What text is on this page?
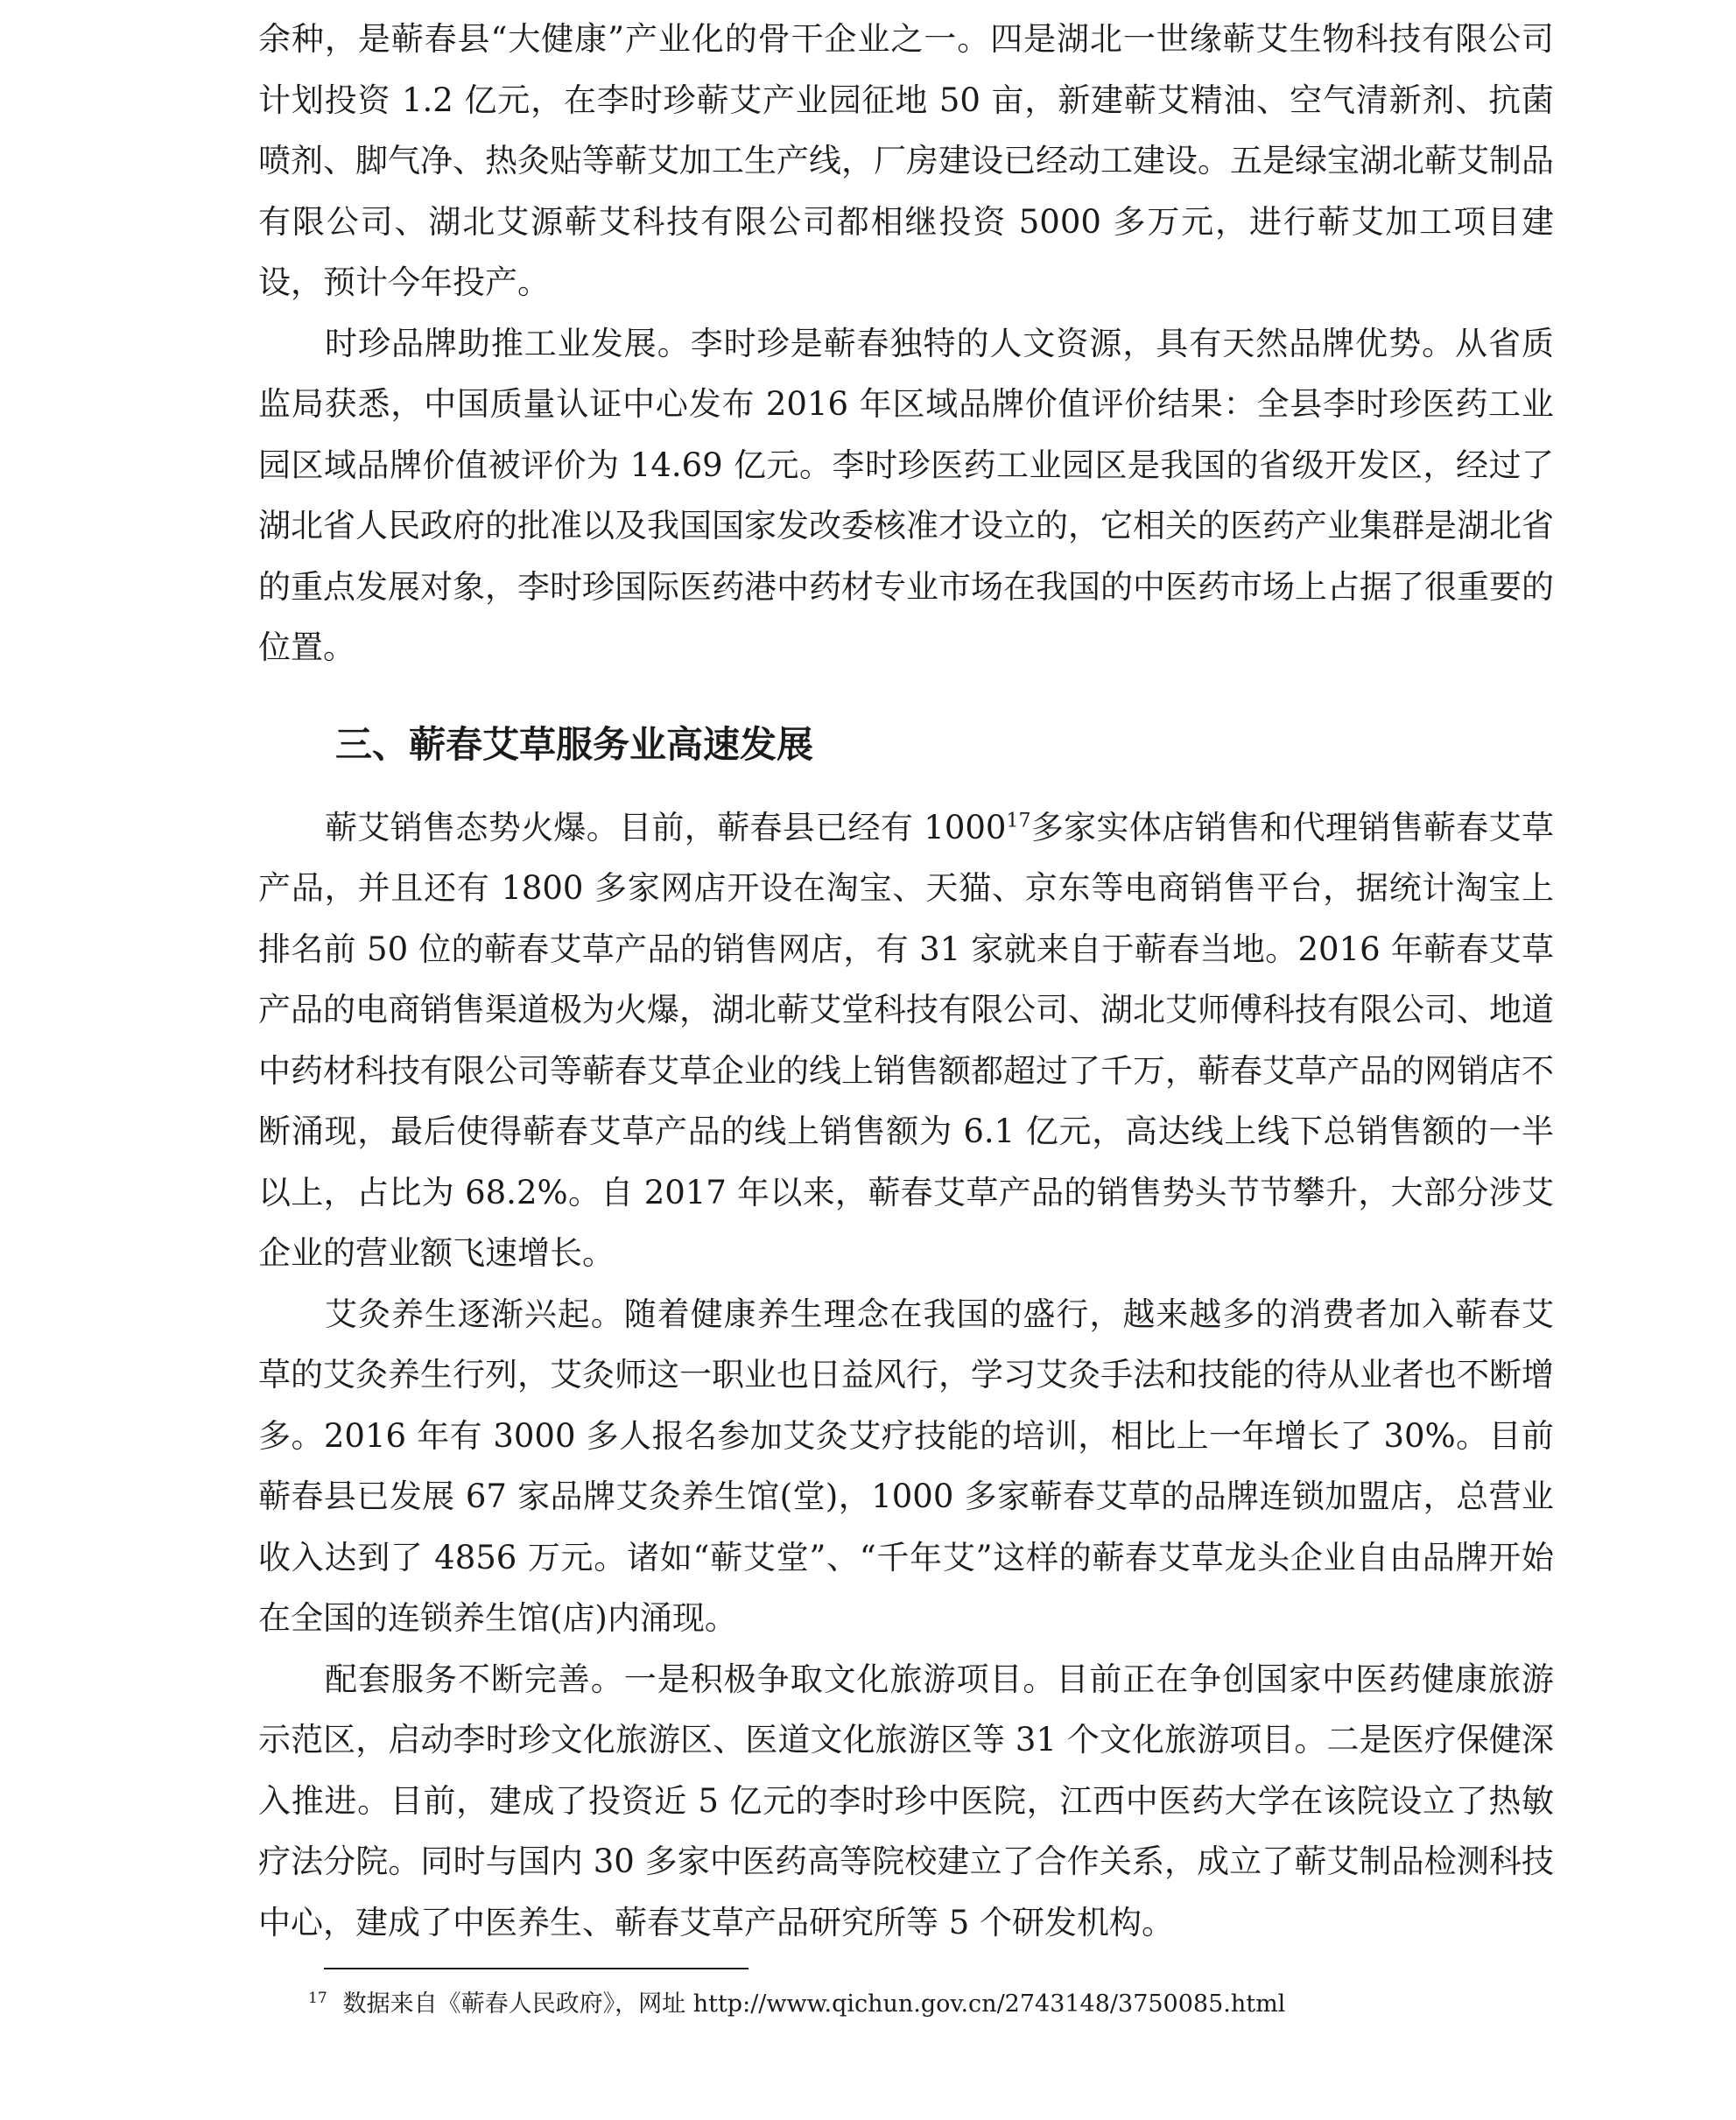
余种，是蕲春县“大健康”产业化的骨干企业之一。四是湖北一世缘蕲艾生物科技有限公司计划投资 1.2 亿元，在李时珍蕲艾产业园征地 50 亩，新建蕲艾精油、空气清新剂、抗菌喷剂、脚气净、热灸贴等蕲艾加工生产线，厂房建设已经动工建设。五是绿宝湖北蕲艾制品有限公司、湖北艾源蕲艾科技有限公司都相继投资 5000 多万元，进行蕲艾加工项目建设，预计今年投产。

时珍品牌助推工业发展。李时珍是蕲春独特的人文资源，具有天然品牌优势。从省质监局获悉，中国质量认证中心发布 2016 年区域品牌价值评价结果：全县李时珍医药工业园区域品牌价值被评价为 14.69 亿元。李时珍医药工业园区是我国的省级开发区，经过了湖北省人民政府的批准以及我国国家发改委核准才设立的，它相关的医药产业集群是湖北省的重点发展对象，李时珍国际医药港中药材专业市场在我国的中医药市场上占据了很重要的位置。

三、蕲春艾草服务业高速发展

蕲艾销售态势火爆。目前，蕲春县已经有 1000$^{17}$多家实体店销售和代理销售蕲春艾草产品，并且还有 1800 多家网店开设在淘宝、天猫、京东等电商销售平台，据统计淘宝上排名前 50 位的蕲春艾草产品的销售网店，有 31 家就来自于蕲春当地。2016 年蕲春艾草产品的电商销售渠道极为火爆，湖北蕲艾堂科技有限公司、湖北艾师傅科技有限公司、地道中药材科技有限公司等蕲春艾草企业的线上销售额都超过了千万，蕲春艾草产品的网销店不断涌现，最后使得蕲春艾草产品的线上销售额为 6.1 亿元，高达线上线下总销售额的一半以上，占比为 68.2%。自 2017 年以来，蕲春艾草产品的销售势头节节攀升，大部分涉艾企业的营业额飞速增长。

艾灸养生逐渐兴起。随着健康养生理念在我国的盛行，越来越多的消费者加入蕲春艾草的艾灸养生行列，艾灸师这一职业也日益风行，学习艾灸手法和技能的待从业者也不断增多。2016 年有 3000 多人报名参加艾灸艾疗技能的培训，相比上一年增长了 30%。目前蕲春县已发展 67 家品牌艾灸养生馆(堂)，1000 多家蕲春艾草的品牌连锁加盟店，总营业收入达到了 4856 万元。诸如“蕲艾堂”、“千年艾”这样的蕲春艾草龙头企业自由品牌开始在全国的连锁养生馆(店)内涌现。

配套服务不断完善。一是积极争取文化旅游项目。目前正在争创国家中医药健康旅游示范区，启动李时珍文化旅游区、医道文化旅游区等 31 个文化旅游项目。二是医疗保健深入推进。目前，建成了投资近 5 亿元的李时珍中医院，江西中医药大学在该院设立了热敏疗法分院。同时与国内 30 多家中医药高等院校建立了合作关系，成立了蕲艾制品检测科技中心，建成了中医养生、蕲春艾草产品研究所等 5 个研发机构。

$^{17}$ 数据来自《蕲春人民政府》，网址 http://www.qichun.gov.cn/2743148/3750085.html
